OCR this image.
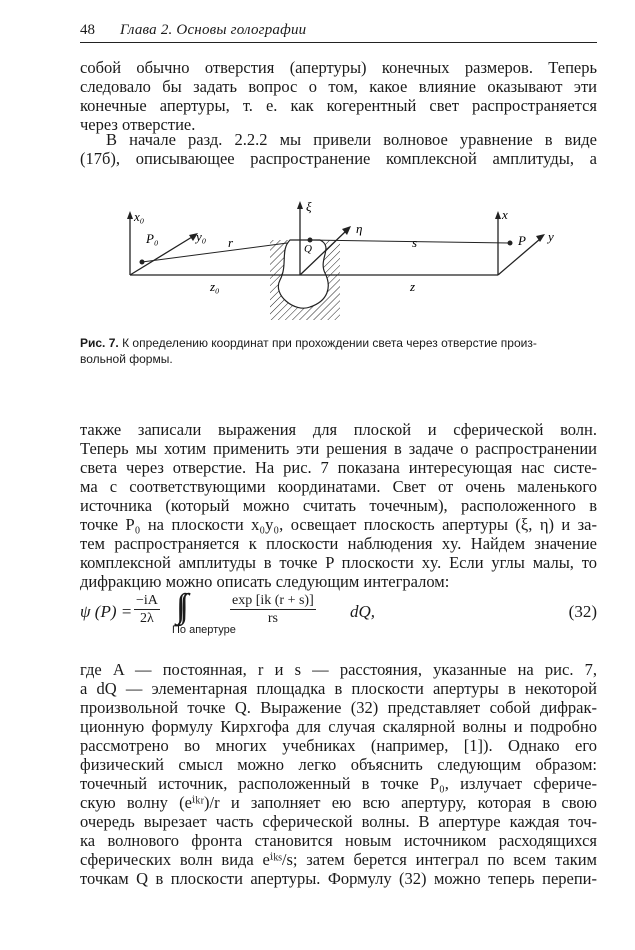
48 Глава 2. Основы голографии
собой обычно отверстия (апертуры) конечных размеров. Теперь
следовало бы задать вопрос о том, какое влияние оказывают эти
конечные апертуры, т. е. как когерентный свет распространяется
через отверстие.
В начале разд. 2.2.2 мы привели волновое уравнение в виде
(17б), описывающее распространение комплексной амплитуды, а
x₀
P₀	y₀ r
ξ
Q
η
s
x
P y
z₀	z
Рис. 7. К определению координат при прохождении света через отверстие произ-
вольной формы.
также записали выражения для плоской и сферической волн.
Теперь мы хотим применить эти решения в задаче о распространении
света через отверстие. На рис. 7 показана интересующая нас систе-
ма с соответствующими координатами. Свет от очень маленького
источника (который можно считать точечным), расположенного в
точке P₀ на плоскости x₀y₀, освещает плоскость апертуры (ξ, η) и за-
тем распространяется к плоскости наблюдения xy. Найдем значение
комплексной амплитуды в точке P плоскости xy. Если углы малы, то
дифракцию можно описать следующим интегралом:
ψ $(P) = \frac{-iA}{2\lambda}$ ∫∫
По апертуре
$\frac{\exp [ik (r + s)]}{rs}$ dQ,	(32)
где A — постоянная, r и s — расстояния, указанные на рис. 7,
a dQ — элементарная площадка в плоскости апертуры в некоторой
произвольной точке Q. Выражение (32) представляет собой дифрак-
ционную формулу Кирхгофа для случая скалярной волны и подробно
рассмотрено во многих учебниках (например, [1]). Однако его
физический смысл можно легко объяснить следующим образом:
точечный источник, расположенный в точке P₀, излучает сфериче-
скую волну (eⁱᵏʳ)/r и заполняет ею всю апертуру, которая в свою
очередь вырезает часть сферической волны. В апертуре каждая точ-
ка волнового фронта становится новым источником расходящихся
сферических волн вида eⁱᵏˢ/s; затем берется интеграл по всем таким
точкам Q в плоскости апертуры. Формулу (32) можно теперь перепи-
